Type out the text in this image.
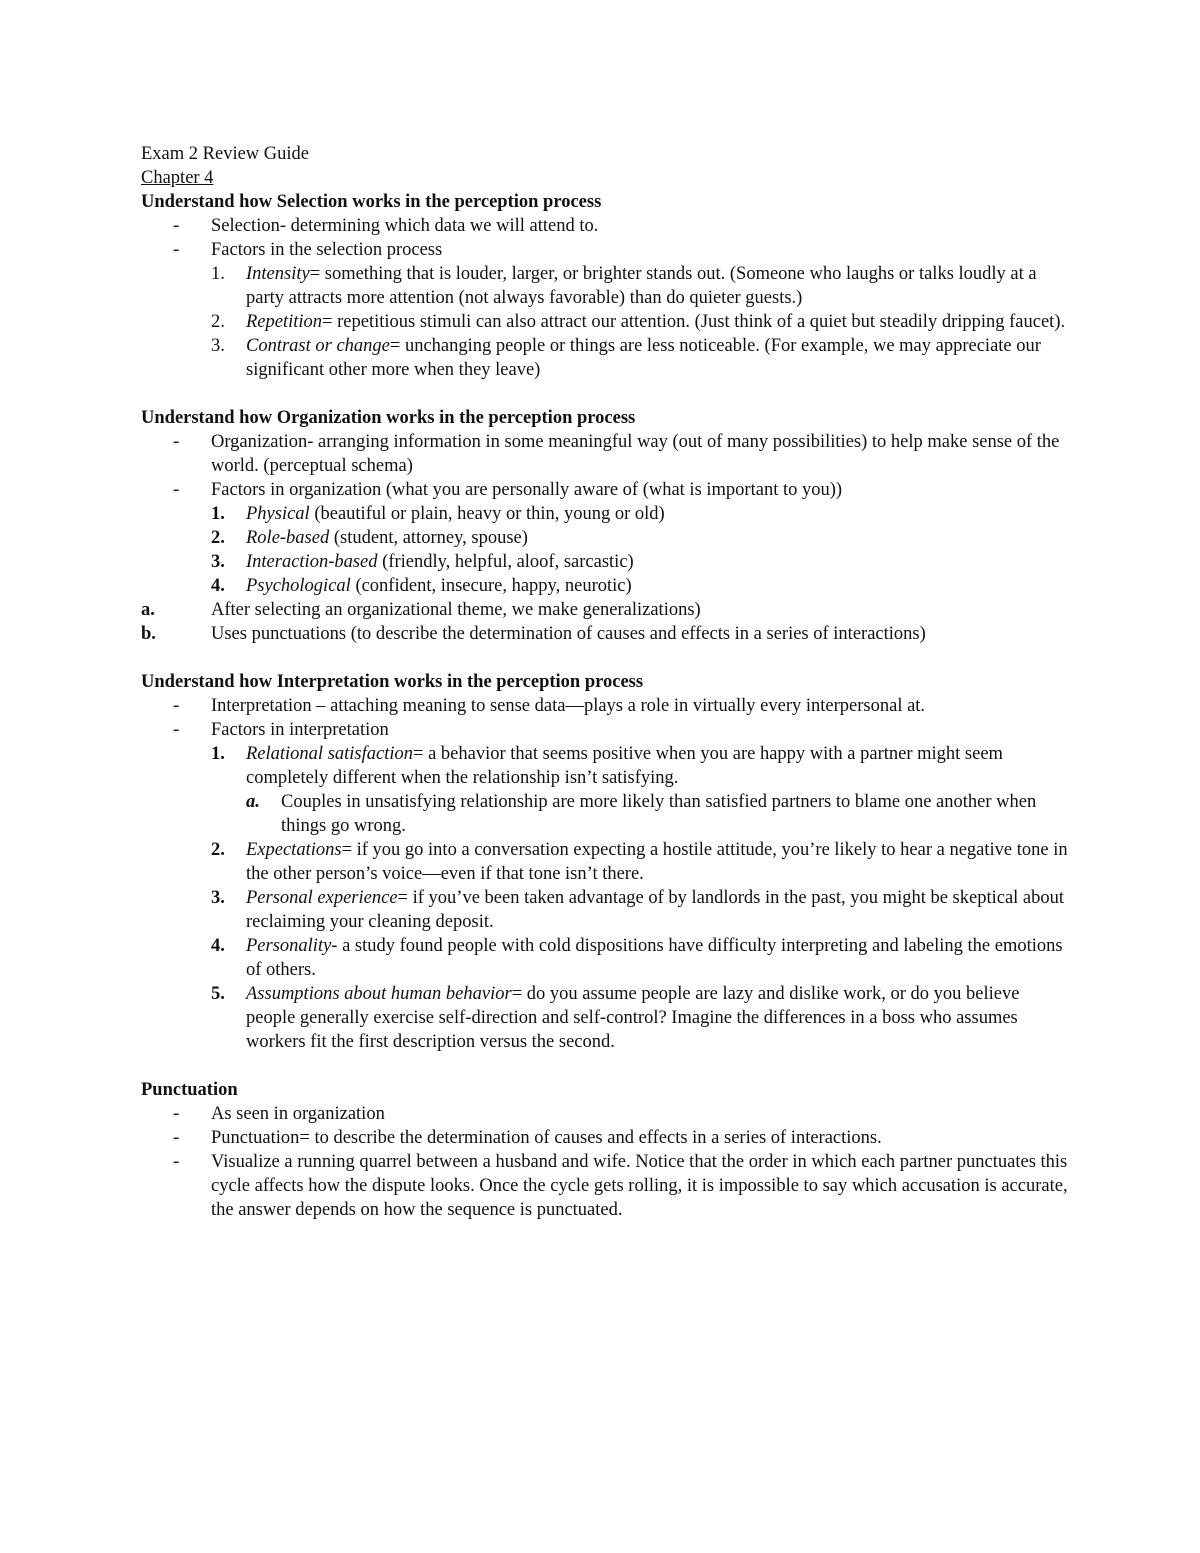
Exam 2 Review Guide
Chapter 4
Understand how Selection works in the perception process
-	Selection- determining which data we will attend to.
-	Factors in the selection process
1.	Intensity= something that is louder, larger, or brighter stands out. (Someone who laughs or talks loudly at a party attracts more attention (not always favorable) than do quieter guests.)
2.	Repetition= repetitious stimuli can also attract our attention. (Just think of a quiet but steadily dripping faucet).
3.	Contrast or change= unchanging people or things are less noticeable. (For example, we may appreciate our significant other more when they leave)
Understand how Organization works in the perception process
-	Organization- arranging information in some meaningful way (out of many possibilities) to help make sense of the world. (perceptual schema)
-	Factors in organization (what you are personally aware of (what is important to you))
1.	Physical (beautiful or plain, heavy or thin, young or old)
2.	Role-based (student, attorney, spouse)
3.	Interaction-based (friendly, helpful, aloof, sarcastic)
4.	Psychological (confident, insecure, happy, neurotic)
a.	After selecting an organizational theme, we make generalizations)
b.	Uses punctuations (to describe the determination of causes and effects in a series of interactions)
Understand how Interpretation works in the perception process
-	Interpretation – attaching meaning to sense data—plays a role in virtually every interpersonal at.
-	Factors in interpretation
1.	Relational satisfaction= a behavior that seems positive when you are happy with a partner might seem completely different when the relationship isn’t satisfying.
a.	Couples in unsatisfying relationship are more likely than satisfied partners to blame one another when things go wrong.
2.	Expectations= if you go into a conversation expecting a hostile attitude, you’re likely to hear a negative tone in the other person’s voice—even if that tone isn’t there.
3.	Personal experience= if you’ve been taken advantage of by landlords in the past, you might be skeptical about reclaiming your cleaning deposit.
4.	Personality- a study found people with cold dispositions have difficulty interpreting and labeling the emotions of others.
5.	Assumptions about human behavior= do you assume people are lazy and dislike work, or do you believe people generally exercise self-direction and self-control? Imagine the differences in a boss who assumes workers fit the first description versus the second.
Punctuation
-	As seen in organization
-	Punctuation= to describe the determination of causes and effects in a series of interactions.
-	Visualize a running quarrel between a husband and wife. Notice that the order in which each partner punctuates this cycle affects how the dispute looks. Once the cycle gets rolling, it is impossible to say which accusation is accurate, the answer depends on how the sequence is punctuated.
